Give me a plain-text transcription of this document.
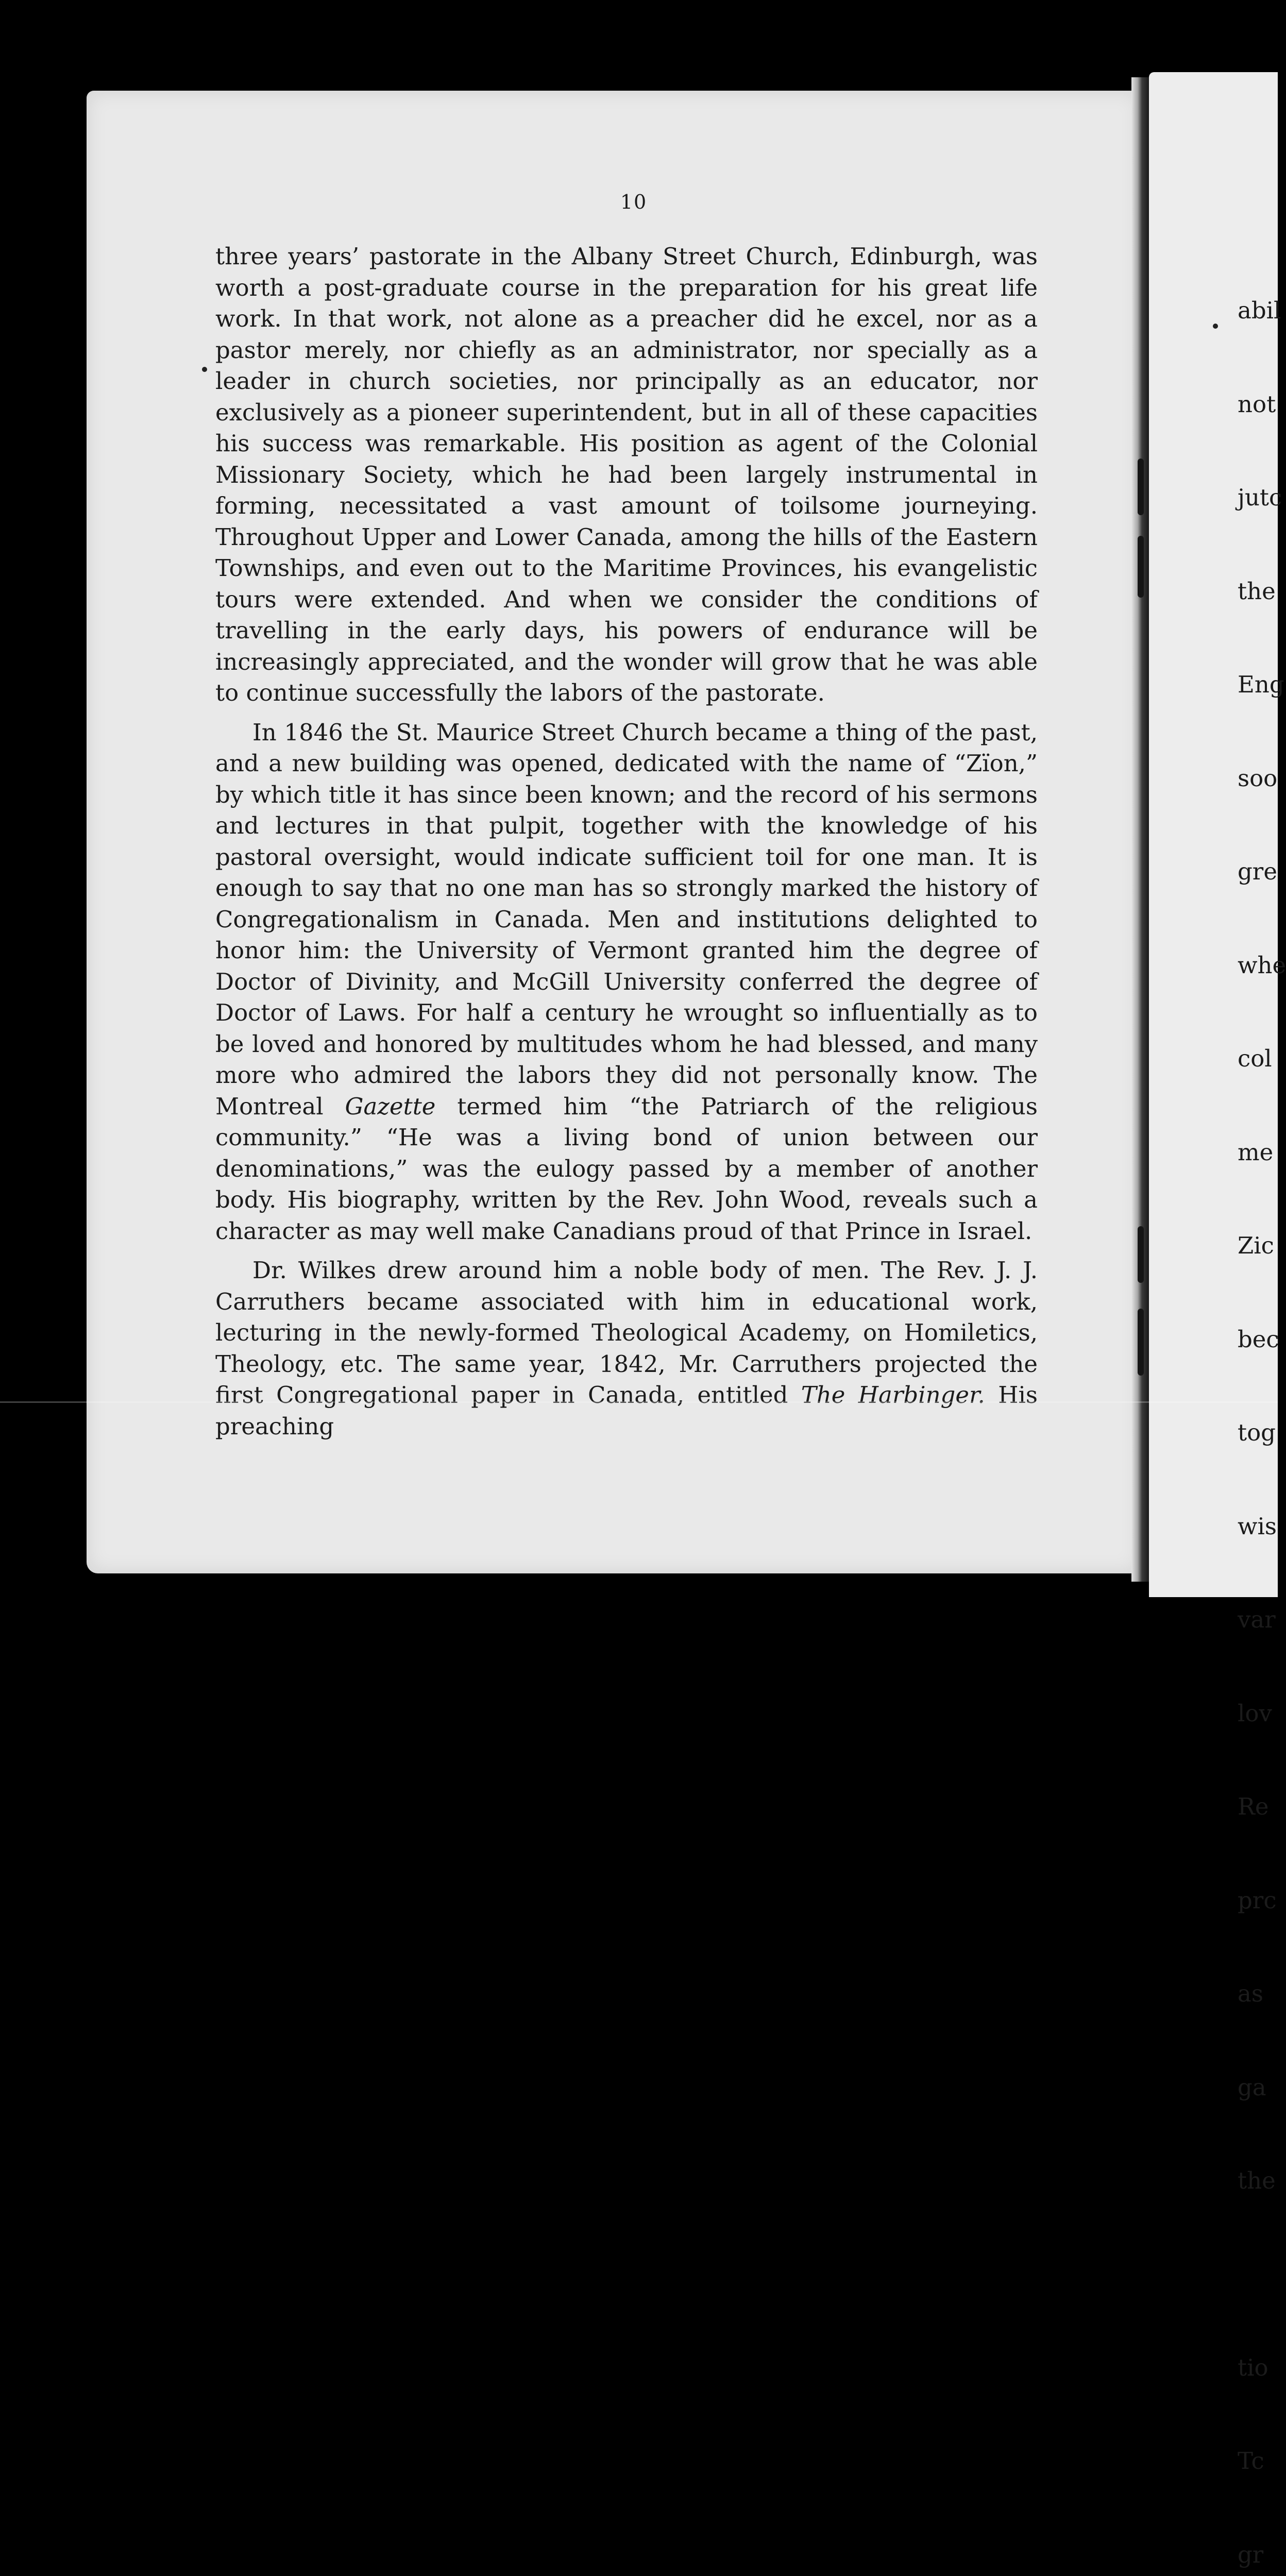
10

three years’ pastorate in the Albany Street Church, Edinburgh, was worth a post-graduate course in the preparation for his great life work. In that work, not alone as a preacher did he excel, nor as a pastor merely, nor chiefly as an administrator, nor specially as a leader in church societies, nor principally as an educator, nor exclusively as a pioneer superintendent, but in all of these capacities his success was remarkable. His position as agent of the Colonial Missionary Society, which he had been largely instrumental in forming, necessitated a vast amount of toilsome journeying. Throughout Upper and Lower Canada, among the hills of the Eastern Townships, and even out to the Maritime Provinces, his evangelistic tours were extended. And when we consider the conditions of travelling in the early days, his powers of endurance will be increasingly appreciated, and the wonder will grow that he was able to continue successfully the labors of the pastorate.

In 1846 the St. Maurice Street Church became a thing of the past, and a new building was opened, dedicated with the name of “Zïon,” by which title it has since been known; and the record of his sermons and lectures in that pulpit, together with the knowledge of his pastoral oversight, would indicate sufficient toil for one man. It is enough to say that no one man has so strongly marked the history of Congregationalism in Canada. Men and institutions delighted to honor him: the University of Vermont granted him the degree of Doctor of Divinity, and McGill University conferred the degree of Doctor of Laws. For half a century he wrought so influentially as to be loved and honored by multitudes whom he had blessed, and many more who admired the labors they did not personally know. The Montreal Gazette termed him “the Patriarch of the religious community.” “He was a living bond of union between our denominations,” was the eulogy passed by a member of another body. His biography, written by the Rev. John Wood, reveals such a character as may well make Canadians proud of that Prince in Israel.

Dr. Wilkes drew around him a noble body of men. The Rev. J. J. Carruthers became associated with him in educational work, lecturing in the newly-formed Theological Academy, on Homiletics, Theology, etc. The same year, 1842, Mr. Carruthers projected the first Congregational paper in Canada, entitled The Harbinger. His preaching

abil

not

jutc

the

Eng

soo

gre

whe

col

me

Zic

bec

tog

wis

var

lov

Re

prc

as

ga

the

tio

Tc

gr
